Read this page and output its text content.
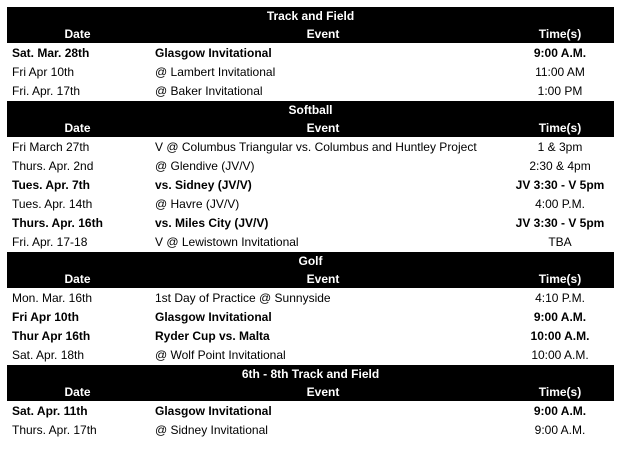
Track and Field		
Date	Event	Time(s)
Sat. Mar. 28th	Glasgow Invitational	9:00 A.M.
Fri Apr 10th	@ Lambert Invitational	11:00 AM
Fri. Apr. 17th	@ Baker Invitational	1:00 PM
Softball		
Date	Event	Time(s)
Fri March 27th	V @ Columbus Triangular vs. Columbus and Huntley Project	1 & 3pm
Thurs. Apr. 2nd	@ Glendive (JV/V)	2:30 & 4pm
Tues. Apr. 7th	vs. Sidney (JV/V)	JV 3:30 - V 5pm
Tues. Apr. 14th	@ Havre (JV/V)	4:00 P.M.
Thurs. Apr. 16th	vs. Miles City (JV/V)	JV 3:30 - V 5pm
Fri. Apr. 17-18	V @ Lewistown Invitational	TBA
Golf		
Date	Event	Time(s)
Mon. Mar. 16th	1st Day of Practice @ Sunnyside	4:10 P.M.
Fri Apr 10th	Glasgow Invitational	9:00 A.M.
Thur Apr 16th	Ryder Cup vs. Malta	10:00 A.M.
Sat. Apr. 18th	@ Wolf Point Invitational	10:00 A.M.
6th - 8th Track and Field		
Date	Event	Time(s)
Sat. Apr. 11th	Glasgow Invitational	9:00 A.M.
Thurs. Apr. 17th	@ Sidney Invitational	9:00 A.M.
